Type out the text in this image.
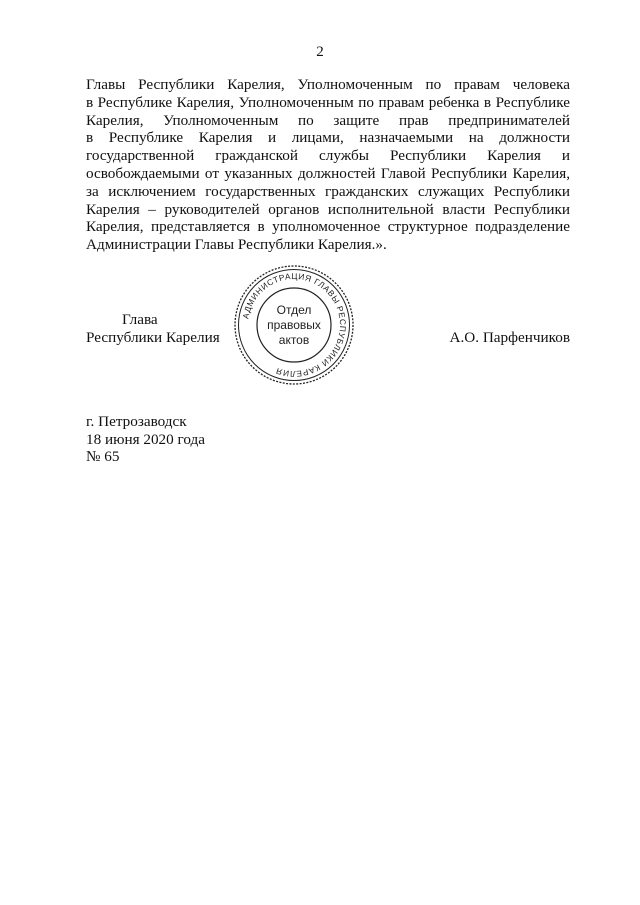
2
Главы Республики Карелия, Уполномоченным по правам человека
в Республике Карелия, Уполномоченным по правам ребенка в Республике
Карелия, Уполномоченным по защите прав предпринимателей
в Республике Карелия и лицами, назначаемыми на должности
государственной гражданской службы Республики Карелия и
освобождаемыми от указанных должностей Главой Республики Карелия,
за исключением государственных гражданских служащих Республики
Карелия – руководителей органов исполнительной власти Республики
Карелия, представляется в уполномоченное структурное подразделение
Администрации Главы Республики Карелия.».
Глава
Республики Карелия
АДМИНИСТРАЦИЯ ГЛАВЫ РЕСПУБЛИКИ КАРЕЛИЯ
Отдел
правовых
актов	А.О. Парфенчиков
г. Петрозаводск
18 июня 2020 года
№ 65
